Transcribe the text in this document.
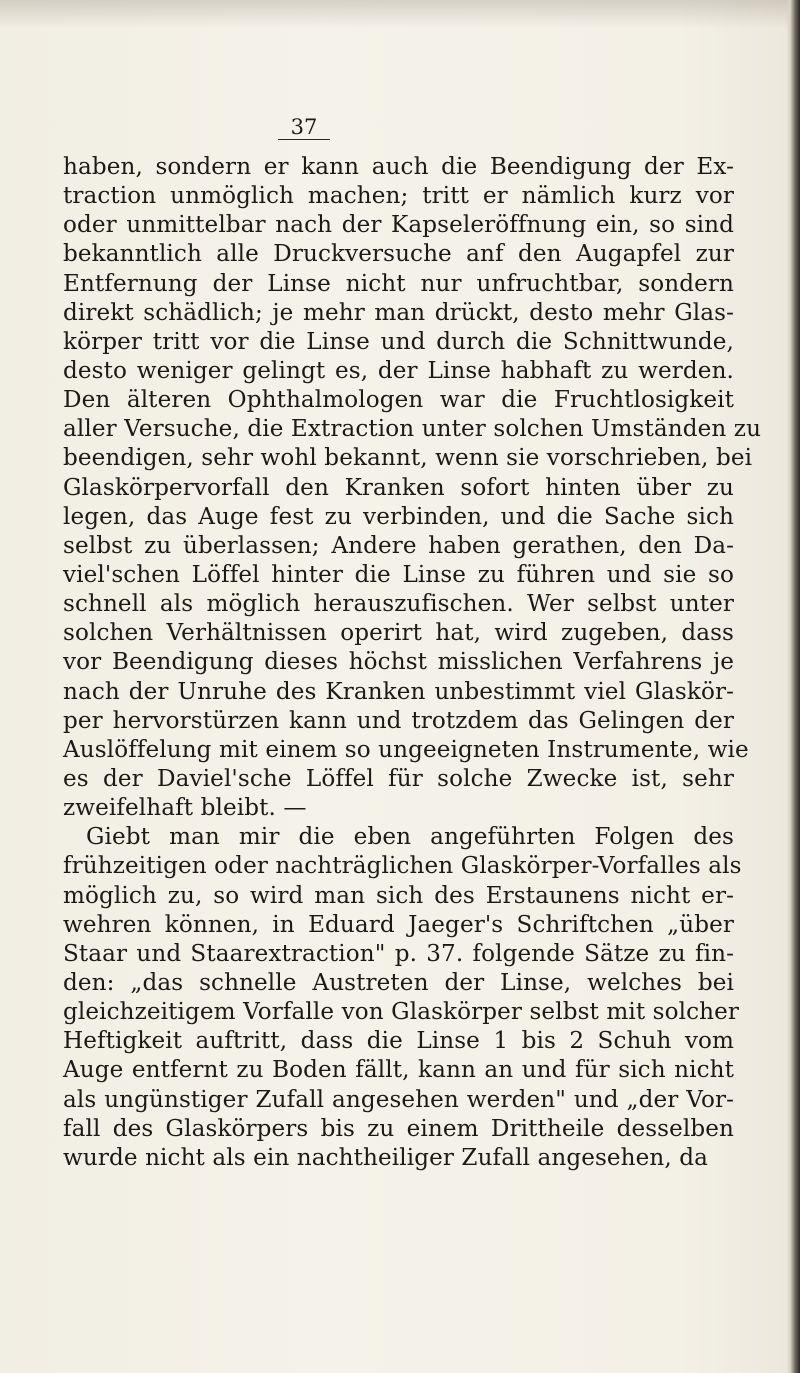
37
haben, sondern er kann auch die Beendigung der Ex-
traction unmöglich machen; tritt er nämlich kurz vor
oder unmittelbar nach der Kapseleröffnung ein, so sind
bekanntlich alle Druckversuche anf den Augapfel zur
Entfernung der Linse nicht nur unfruchtbar, sondern
direkt schädlich; je mehr man drückt, desto mehr Glas-
körper tritt vor die Linse und durch die Schnittwunde,
desto weniger gelingt es, der Linse habhaft zu werden.
Den älteren Ophthalmologen war die Fruchtlosigkeit
aller Versuche, die Extraction unter solchen Umständen zu
beendigen, sehr wohl bekannt, wenn sie vorschrieben, bei
Glaskörpervorfall den Kranken sofort hinten über zu
legen, das Auge fest zu verbinden, und die Sache sich
selbst zu überlassen; Andere haben gerathen, den Da-
viel'schen Löffel hinter die Linse zu führen und sie so
schnell als möglich herauszufischen. Wer selbst unter
solchen Verhältnissen operirt hat, wird zugeben, dass
vor Beendigung dieses höchst misslichen Verfahrens je
nach der Unruhe des Kranken unbestimmt viel Glaskör-
per hervorstürzen kann und trotzdem das Gelingen der
Auslöffelung mit einem so ungeeigneten Instrumente, wie
es der Daviel'sche Löffel für solche Zwecke ist, sehr
zweifelhaft bleibt. —
Giebt man mir die eben angeführten Folgen des
frühzeitigen oder nachträglichen Glaskörper-Vorfalles als
möglich zu, so wird man sich des Erstaunens nicht er-
wehren können, in Eduard Jaeger's Schriftchen „über
Staar und Staarextraction" p. 37. folgende Sätze zu fin-
den: „das schnelle Austreten der Linse, welches bei
gleichzeitigem Vorfalle von Glaskörper selbst mit solcher
Heftigkeit auftritt, dass die Linse 1 bis 2 Schuh vom
Auge entfernt zu Boden fällt, kann an und für sich nicht
als ungünstiger Zufall angesehen werden" und „der Vor-
fall des Glaskörpers bis zu einem Drittheile desselben
wurde nicht als ein nachtheiliger Zufall angesehen, da
